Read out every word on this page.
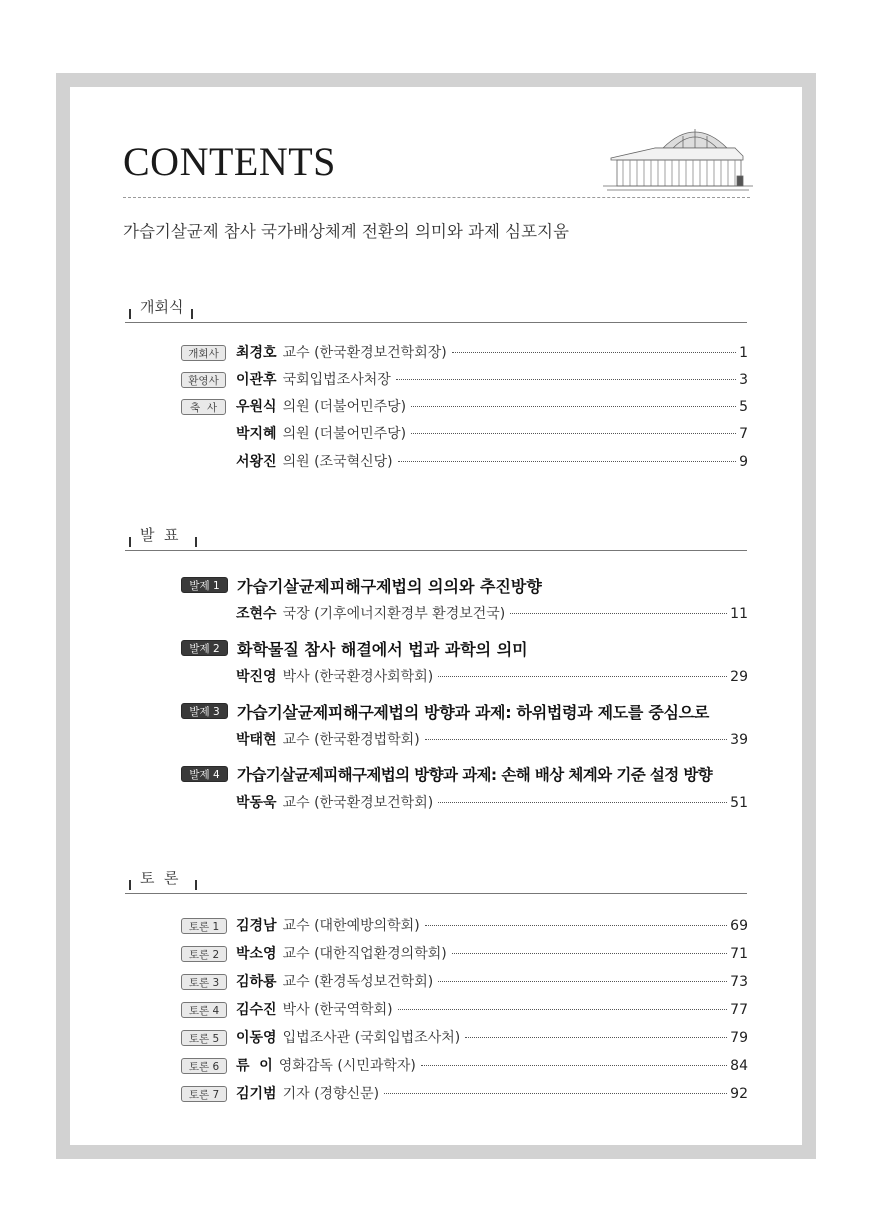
CONTENTS
가습기살균제 참사 국가배상체계 전환의 의미와 과제 심포지움
개회식
개회사	최경호 교수 (한국환경보건학회장)	1
환영사	이관후 국회입법조사처장	3
축  사	우원식 의원 (더불어민주당)	5
박지혜 의원 (더불어민주당)	7
서왕진 의원 (조국혁신당)	9
발  표
발제 1	가습기살균제피해구제법의 의의와 추진방향
조현수 국장 (기후에너지환경부 환경보건국)	11
발제 2	화학물질 참사 해결에서 법과 과학의 의미
박진영 박사 (한국환경사회학회)	29
발제 3	가습기살균제피해구제법의 방향과 과제: 하위법령과 제도를 중심으로
박태현 교수 (한국환경법학회)	39
발제 4	가습기살균제피해구제법의 방향과 과제: 손해 배상 체계와 기준 설정 방향
박동욱 교수 (한국환경보건학회)	51
토  론
토론 1	김경남 교수 (대한예방의학회)	69
토론 2	박소영 교수 (대한직업환경의학회)	71
토론 3	김하룡 교수 (환경독성보건학회)	73
토론 4	김수진 박사 (한국역학회)	77
토론 5	이동영 입법조사관 (국회입법조사처)	79
토론 6	류  이 영화감독 (시민과학자)	84
토론 7	김기범 기자 (경향신문)	92
